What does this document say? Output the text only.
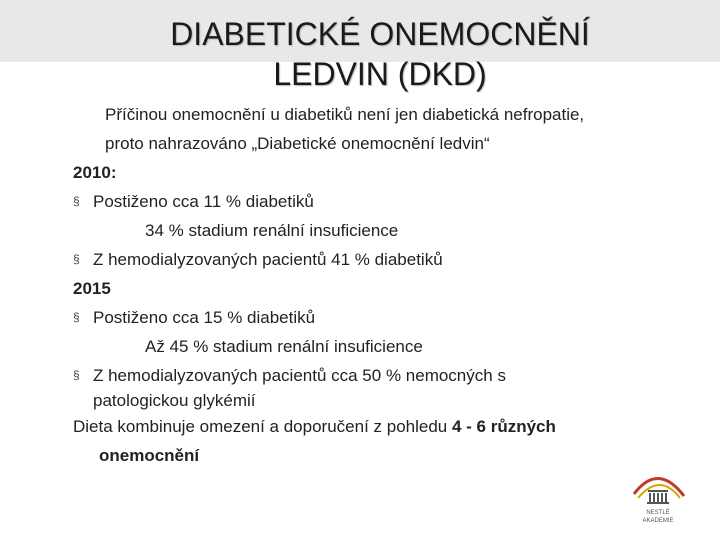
DIABETICKÉ ONEMOCNĚNÍ
LEDVIN (DKD)

Příčinou onemocnění u diabetiků není jen diabetická nefropatie,

proto nahrazováno „Diabetické onemocnění ledvin“

2010:

§ Postiženo cca 11 % diabetiků

34 % stadium renální insuficience

§ Z hemodialyzovaných pacientů 41 % diabetiků

2015

§ Postiženo cca 15 % diabetiků

Až 45 % stadium renální insuficience

§ Z hemodialyzovaných pacientů cca 50 % nemocných s

patologickou glykémií

Dieta kombinuje omezení a doporučení z pohledu 4 - 6 různých

onemocnění

NESTLÉ
AKADEMIE
